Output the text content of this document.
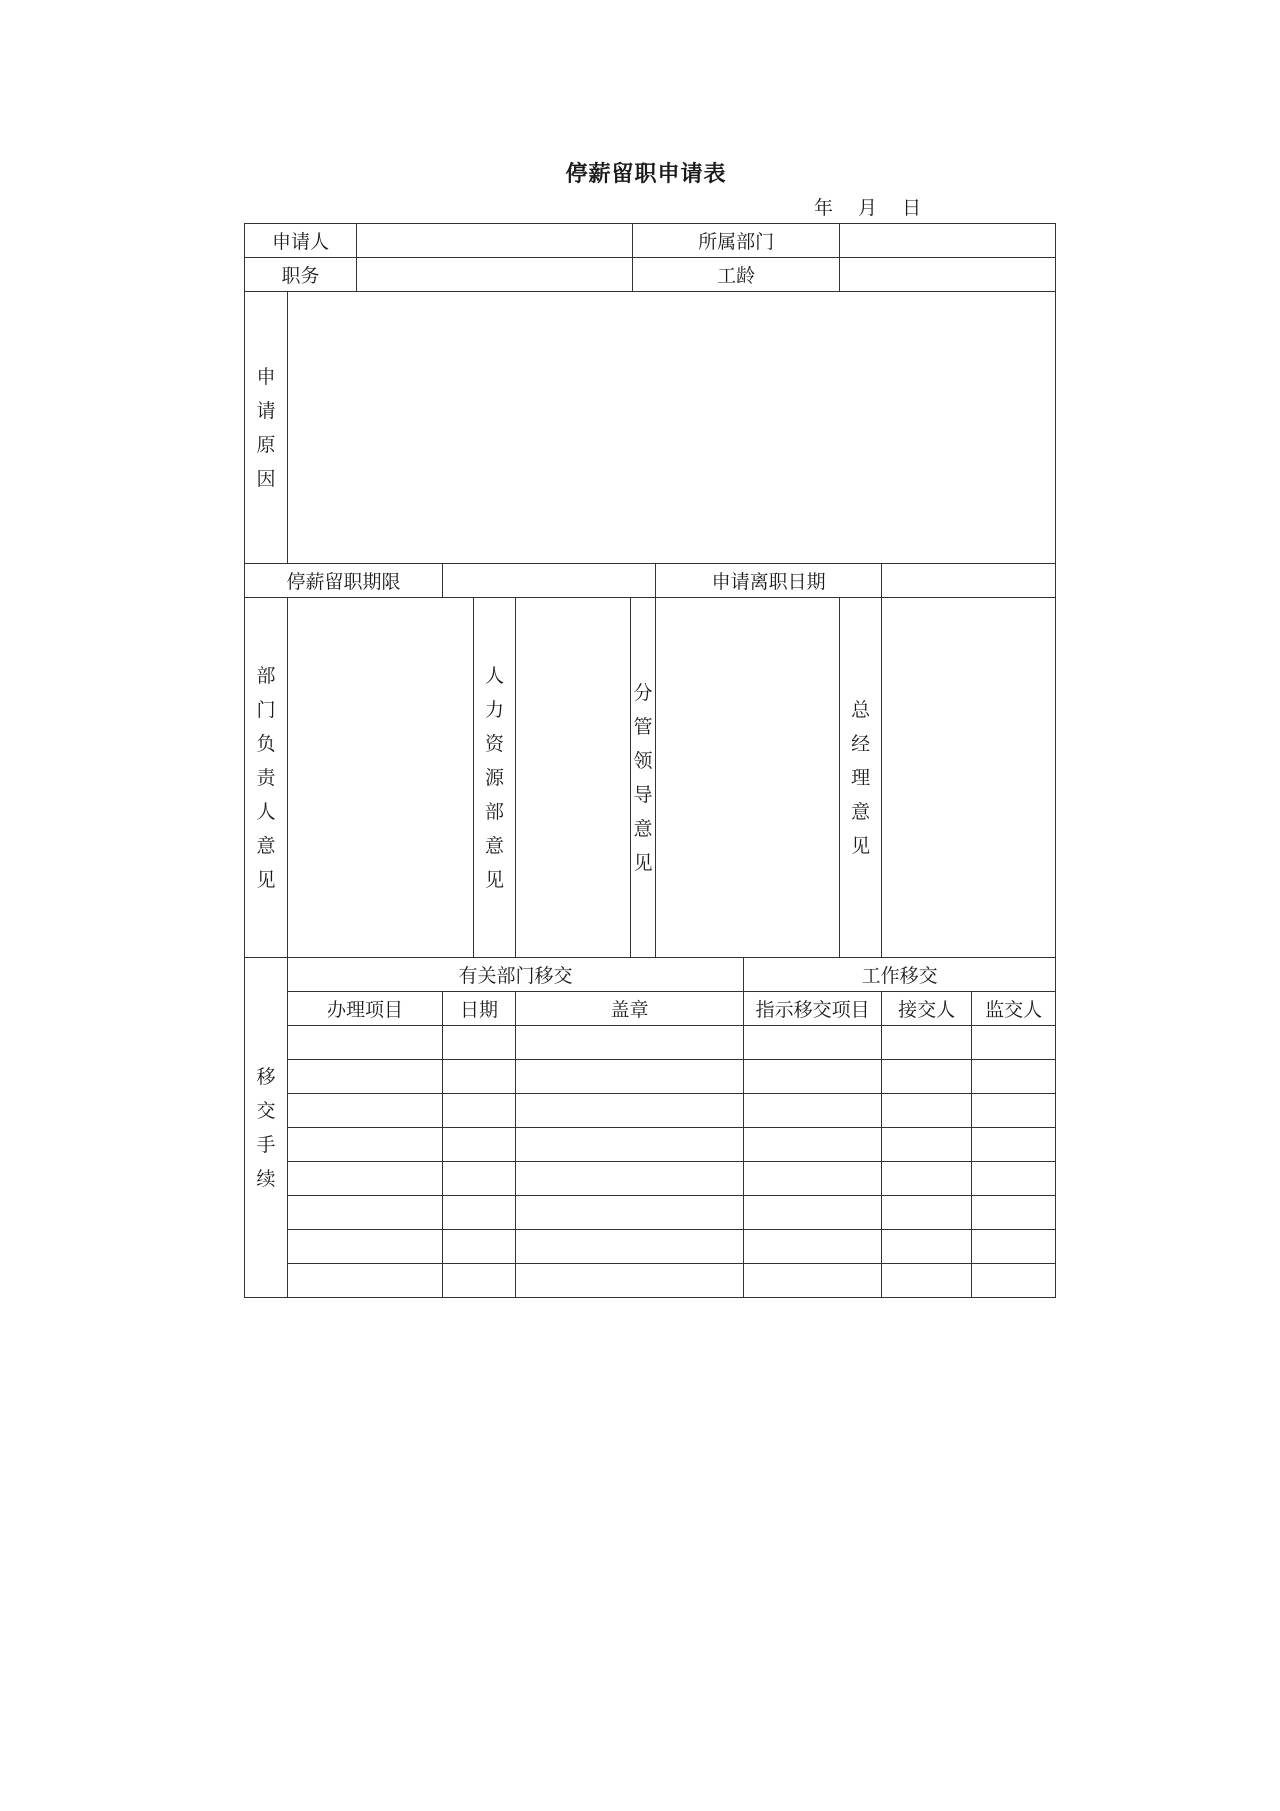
停薪留职申请表
年　 月　 日
申请人							所属部门					
职务							工龄					
申请原因												
停薪留职期限								申请离职日期				
部门负责人意见				人力资源部意见		分管领导意见				总经理意见		
移交手续	有关部门移交								工作移交			
	办理项目		日期		盖章				指示移交项目		接交人	监交人
